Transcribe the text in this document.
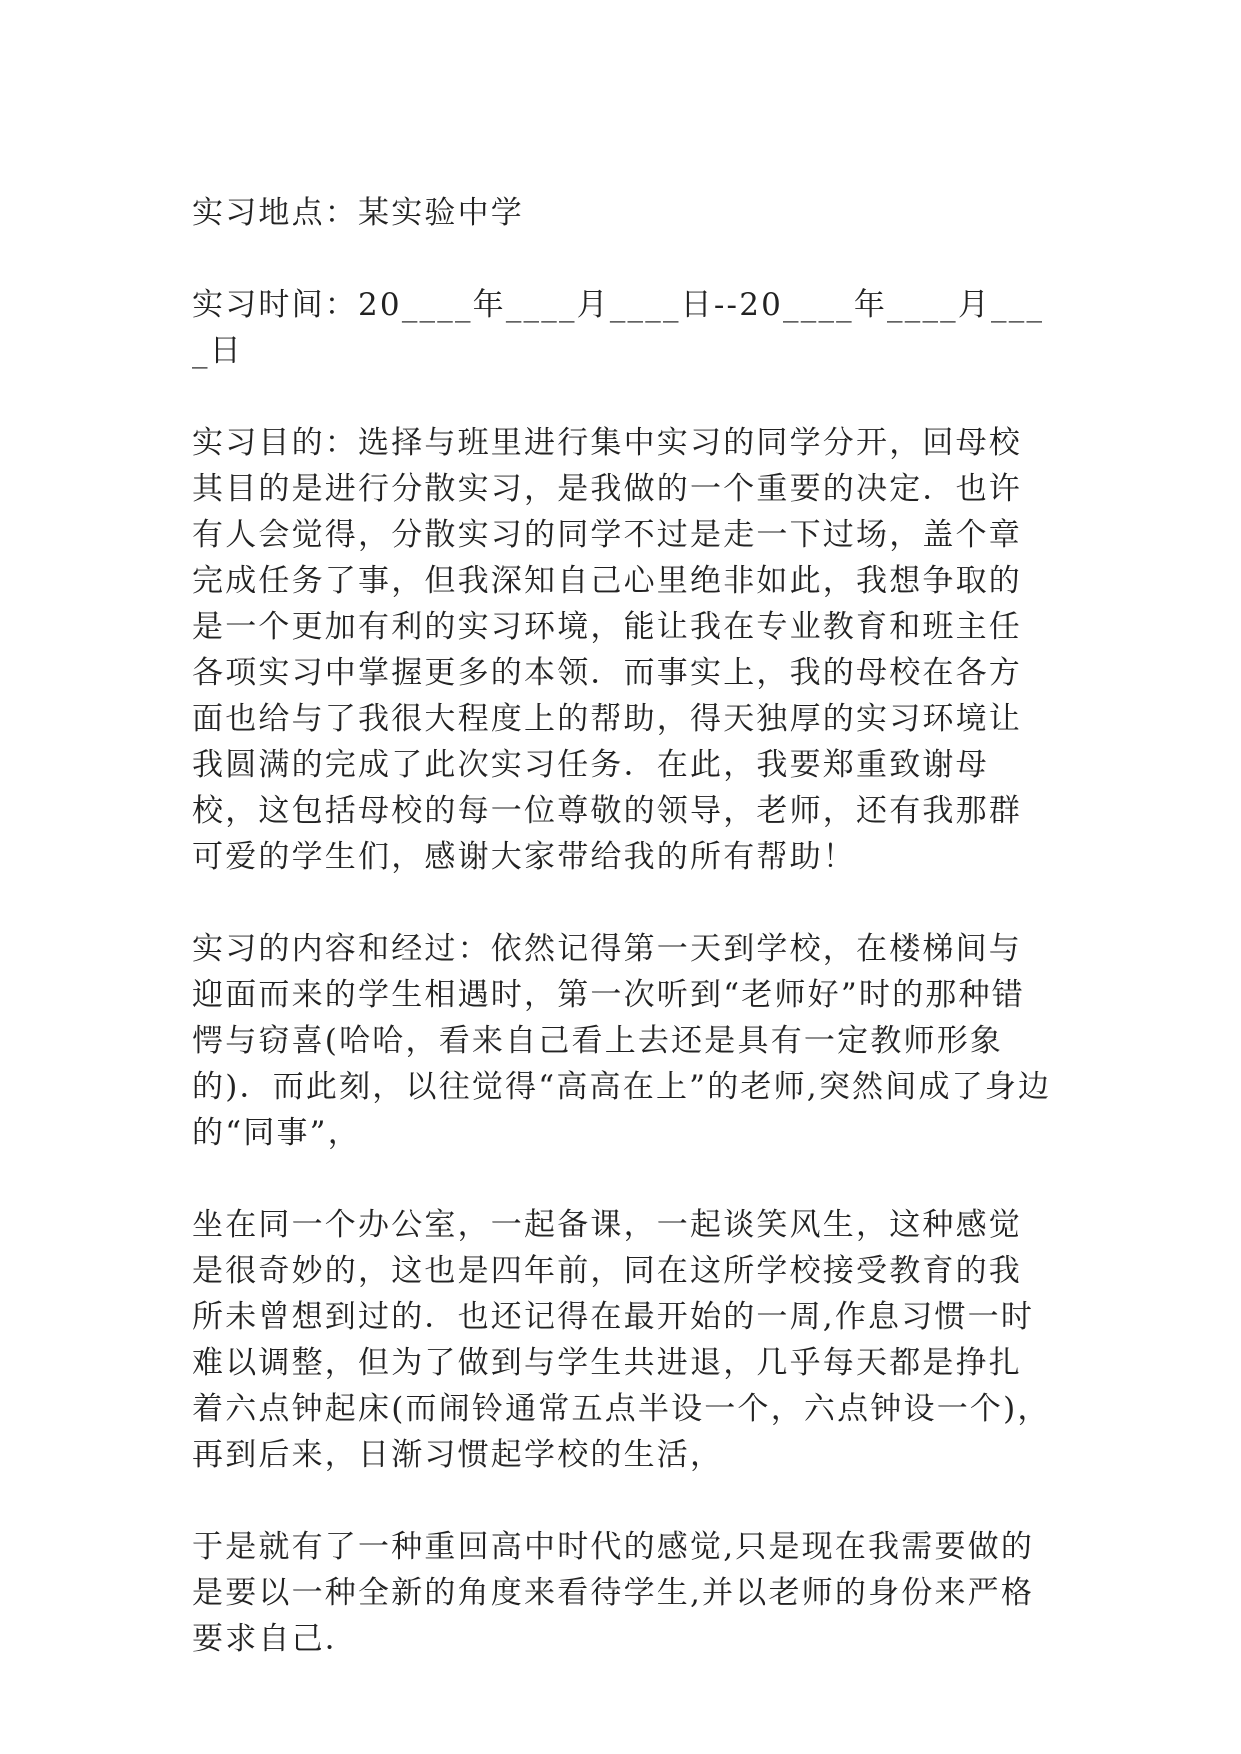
实习地点：某实验中学

实习时间：20____年____月____日--20____年____月____日

实习目的：选择与班里进行集中实习的同学分开，回母校其目的是进行分散实习，是我做的一个重要的决定．也许有人会觉得，分散实习的同学不过是走一下过场，盖个章完成任务了事，但我深知自己心里绝非如此，我想争取的是一个更加有利的实习环境，能让我在专业教育和班主任各项实习中掌握更多的本领．而事实上，我的母校在各方面也给与了我很大程度上的帮助，得天独厚的实习环境让我圆满的完成了此次实习任务．在此，我要郑重致谢母校，这包括母校的每一位尊敬的领导，老师，还有我那群可爱的学生们，感谢大家带给我的所有帮助！

实习的内容和经过：依然记得第一天到学校，在楼梯间与迎面而来的学生相遇时，第一次听到“老师好”时的那种错愕与窃喜(哈哈，看来自己看上去还是具有一定教师形象的)．而此刻，以往觉得“高高在上”的老师,突然间成了身边的“同事”，

坐在同一个办公室，一起备课，一起谈笑风生，这种感觉是很奇妙的，这也是四年前，同在这所学校接受教育的我所未曾想到过的．也还记得在最开始的一周,作息习惯一时难以调整，但为了做到与学生共进退，几乎每天都是挣扎着六点钟起床(而闹铃通常五点半设一个，六点钟设一个)，再到后来，日渐习惯起学校的生活，

于是就有了一种重回高中时代的感觉,只是现在我需要做的是要以一种全新的角度来看待学生,并以老师的身份来严格要求自己．
